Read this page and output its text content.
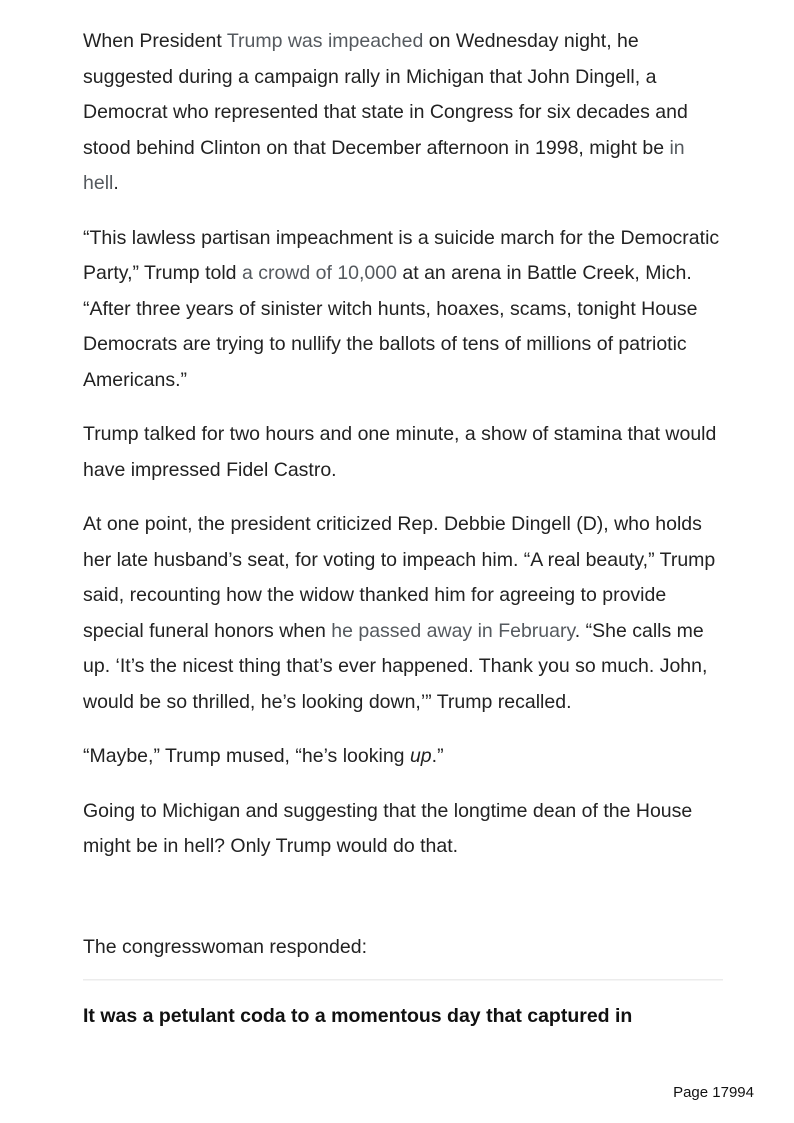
When President Trump was impeached on Wednesday night, he suggested during a campaign rally in Michigan that John Dingell, a Democrat who represented that state in Congress for six decades and stood behind Clinton on that December afternoon in 1998, might be in hell.

“This lawless partisan impeachment is a suicide march for the Democratic Party,” Trump told a crowd of 10,000 at an arena in Battle Creek, Mich. “After three years of sinister witch hunts, hoaxes, scams, tonight House Democrats are trying to nullify the ballots of tens of millions of patriotic Americans.”

Trump talked for two hours and one minute, a show of stamina that would have impressed Fidel Castro.

At one point, the president criticized Rep. Debbie Dingell (D), who holds her late husband’s seat, for voting to impeach him. “A real beauty,” Trump said, recounting how the widow thanked him for agreeing to provide special funeral honors when he passed away in February. “She calls me up. ‘It’s the nicest thing that’s ever happened. Thank you so much. John, would be so thrilled, he’s looking down,’” Trump recalled.

“Maybe,” Trump mused, “he’s looking up.”

Going to Michigan and suggesting that the longtime dean of the House might be in hell? Only Trump would do that.

The congresswoman responded:

It was a petulant coda to a momentous day that captured in

Page 17994
